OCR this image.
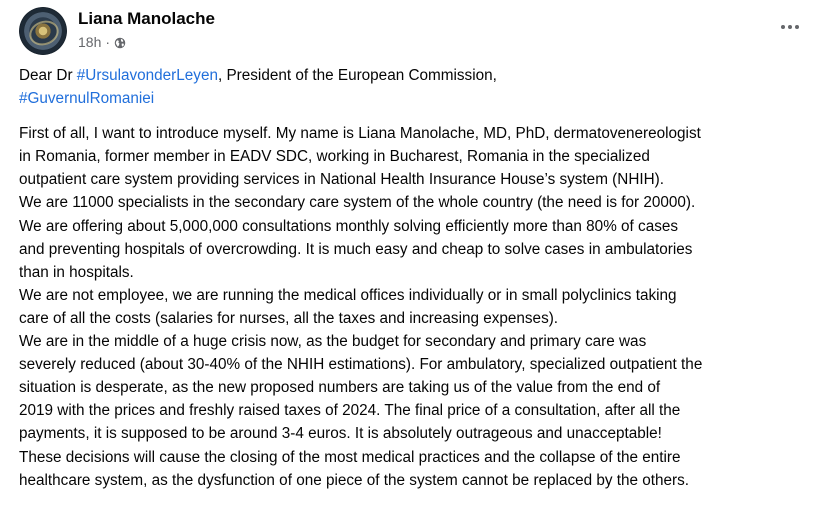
Liana Manolache
18h ·
Dear Dr #UrsulavonderLeyen, President of the European Commission,
#GuvernulRomaniei
First of all, I want to introduce myself. My name is Liana Manolache, MD, PhD, dermatovenereologist
in Romania, former member in EADV SDC, working in Bucharest, Romania in the specialized
outpatient care system providing services in National Health Insurance House’s system (NHIH).
We are 11000 specialists in the secondary care system of the whole country (the need is for 20000).
We are offering about 5,000,000 consultations monthly solving efficiently more than 80% of cases
and preventing hospitals of overcrowding. It is much easy and cheap to solve cases in ambulatories
than in hospitals.
We are not employee, we are running the medical offices individually or in small polyclinics taking
care of all the costs (salaries for nurses, all the taxes and increasing expenses).
We are in the middle of a huge crisis now, as the budget for secondary and primary care was
severely reduced (about 30-40% of the NHIH estimations). For ambulatory, specialized outpatient the
situation is desperate, as the new proposed numbers are taking us of the value from the end of
2019 with the prices and freshly raised taxes of 2024. The final price of a consultation, after all the
payments, it is supposed to be around 3-4 euros. It is absolutely outrageous and unacceptable!
These decisions will cause the closing of the most medical practices and the collapse of the entire
healthcare system, as the dysfunction of one piece of the system cannot be replaced by the others.
